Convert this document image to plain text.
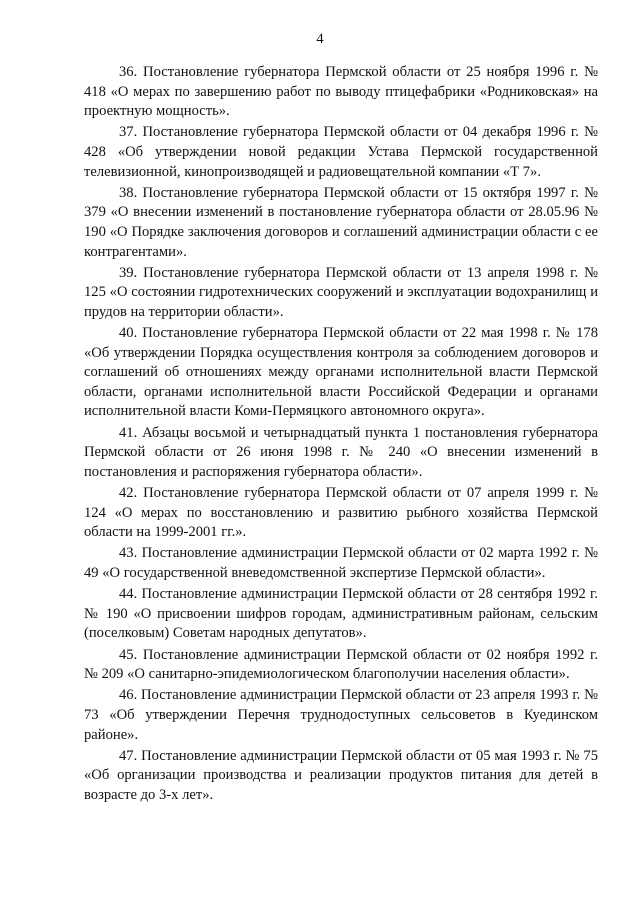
4

36. Постановление губернатора Пермской области от 25 ноября 1996 г. № 418 «О мерах по завершению работ по выводу птицефабрики «Родниковская» на проектную мощность».

37. Постановление губернатора Пермской области от 04 декабря 1996 г. № 428 «Об утверждении новой редакции Устава Пермской государственной телевизионной, кинопроизводящей и радиовещательной компании «Т 7».

38. Постановление губернатора Пермской области от 15 октября 1997 г. № 379 «О внесении изменений в постановление губернатора области от 28.05.96 № 190 «О Порядке заключения договоров и соглашений администрации области с ее контрагентами».

39. Постановление губернатора Пермской области от 13 апреля 1998 г. № 125 «О состоянии гидротехнических сооружений и эксплуатации водохранилищ и прудов на территории области».

40. Постановление губернатора Пермской области от 22 мая 1998 г. № 178 «Об утверждении Порядка осуществления контроля за соблюдением договоров и соглашений об отношениях между органами исполнительной власти Пермской области, органами исполнительной власти Российской Федерации и органами исполнительной власти Коми-Пермяцкого автономного округа».

41. Абзацы восьмой и четырнадцатый пункта 1 постановления губернатора Пермской области от 26 июня 1998 г. № 240 «О внесении изменений в постановления и распоряжения губернатора области».

42. Постановление губернатора Пермской области от 07 апреля 1999 г. № 124 «О мерах по восстановлению и развитию рыбного хозяйства Пермской области на 1999-2001 гг.».

43. Постановление администрации Пермской области от 02 марта 1992 г. № 49 «О государственной вневедомственной экспертизе Пермской области».

44. Постановление администрации Пермской области от 28 сентября 1992 г. № 190 «О присвоении шифров городам, административным районам, сельским (поселковым) Советам народных депутатов».

45. Постановление администрации Пермской области от 02 ноября 1992 г. № 209 «О санитарно-эпидемиологическом благополучии населения области».

46. Постановление администрации Пермской области от 23 апреля 1993 г. № 73 «Об утверждении Перечня труднодоступных сельсоветов в Куединском районе».

47. Постановление администрации Пермской области от 05 мая 1993 г. № 75 «Об организации производства и реализации продуктов питания для детей в возрасте до 3-х лет».
